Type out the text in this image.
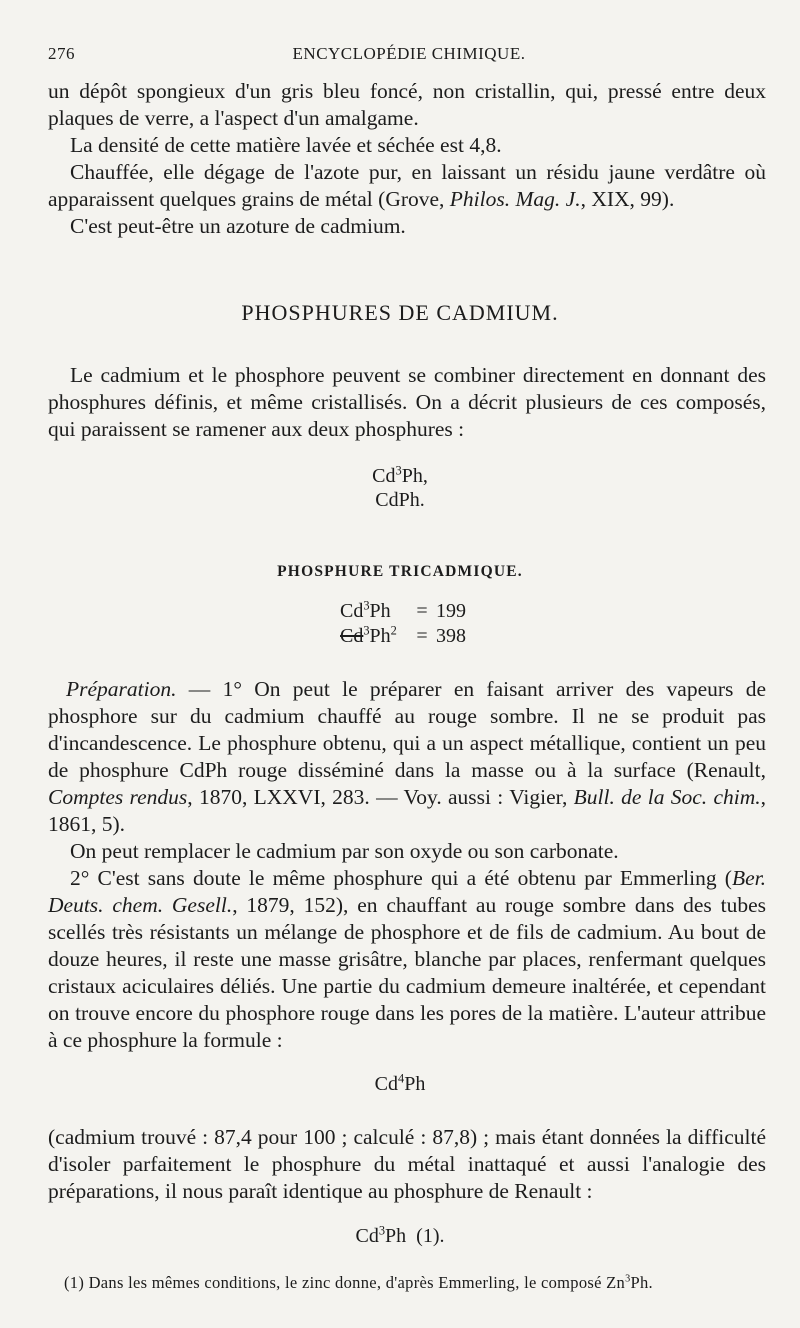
276	ENCYCLOPÉDIE CHIMIQUE.

un dépôt spongieux d'un gris bleu foncé, non cristallin, qui, pressé entre deux plaques de verre, a l'aspect d'un amalgame.

La densité de cette matière lavée et séchée est 4,8.

Chauffée, elle dégage de l'azote pur, en laissant un résidu jaune verdâtre où apparaissent quelques grains de métal (Grove, Philos. Mag. J., XIX, 99).

C'est peut-être un azoture de cadmium.

PHOSPHURES DE CADMIUM.

Le cadmium et le phosphore peuvent se combiner directement en donnant des phosphures définis, et même cristallisés. On a décrit plusieurs de ces composés, qui paraissent se ramener aux deux phosphures :

Cd$^3$Ph,
CdPh.
PHOSPHURE TRICADMIQUE.
$Cd^3Ph = 199$
$Cd^3Ph^2 = 398$

Préparation. — 1° On peut le préparer en faisant arriver des vapeurs de phosphore sur du cadmium chauffé au rouge sombre. Il ne se produit pas d'incandescence. Le phosphure obtenu, qui a un aspect métallique, contient un peu de phosphure CdPh rouge disséminé dans la masse ou à la surface (Renault, Comptes rendus, 1870, LXXVI, 283. — Voy. aussi : Vigier, Bull. de la Soc. chim., 1861, 5).

On peut remplacer le cadmium par son oxyde ou son carbonate.

2° C'est sans doute le même phosphure qui a été obtenu par Emmerling (Ber. Deuts. chem. Gesell., 1879, 152), en chauffant au rouge sombre dans des tubes scellés très résistants un mélange de phosphore et de fils de cadmium. Au bout de douze heures, il reste une masse grisâtre, blanche par places, renfermant quelques cristaux aciculaires déliés. Une partie du cadmium demeure inaltérée, et cependant on trouve encore du phosphore rouge dans les pores de la matière. L'auteur attribue à ce phosphure la formule :

Cd$^4$Ph

(cadmium trouvé : 87,4 pour 100 ; calculé : 87,8) ; mais étant données la difficulté d'isoler parfaitement le phosphure du métal inattaqué et aussi l'analogie des préparations, il nous paraît identique au phosphure de Renault :

Cd$^3$Ph (1).
(1) Dans les mêmes conditions, le zinc donne, d'après Emmerling, le composé Zn$^3$Ph.
